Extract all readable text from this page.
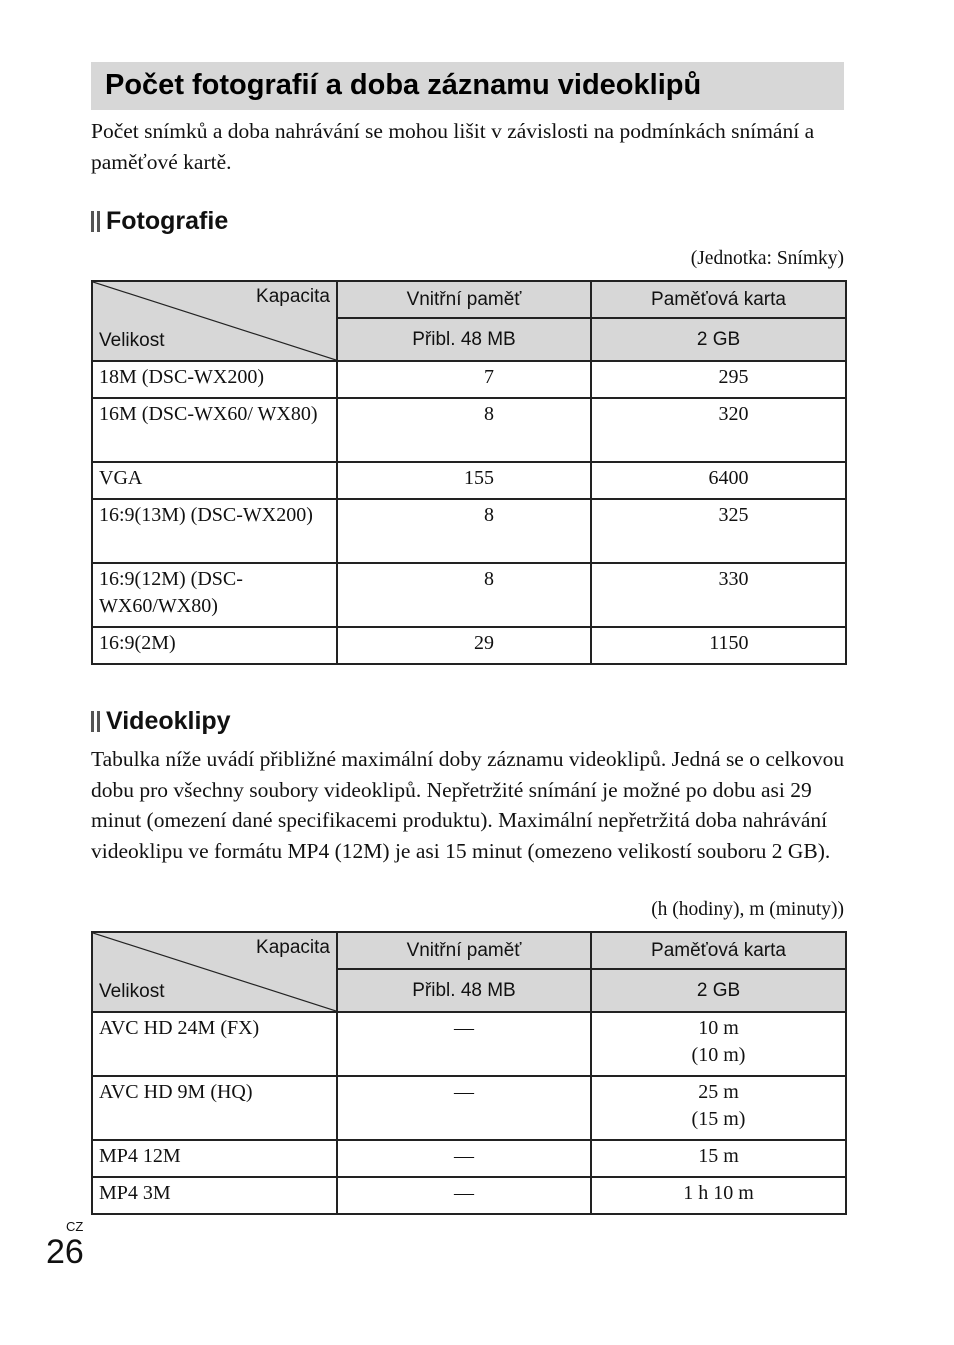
Počet fotografií a doba záznamu videoklipů

Počet snímků a doba nahrávání se mohou lišit v závislosti na podmínkách snímání a paměťové kartě.

Fotografie

(Jednotka: Snímky)

Kapacita
Velikost	Vnitřní paměť	Paměťová karta
	Přibl. 48 MB	2 GB
18M (DSC-WX200)	7	295
16M (DSC-WX60/ WX80)	8	320
VGA	155	6400
16:9(13M) (DSC-WX200)	8	325
16:9(12M) (DSC-WX60/WX80)	8	330
16:9(2M)	29	1150
Videoklipy

Tabulka níže uvádí přibližné maximální doby záznamu videoklipů. Jedná se o celkovou dobu pro všechny soubory videoklipů. Nepřetržité snímání je možné po dobu asi 29 minut (omezení dané specifikacemi produktu). Maximální nepřetržitá doba nahrávání videoklipu ve formátu MP4 (12M) je asi 15 minut (omezeno velikostí souboru 2 GB).

(h (hodiny), m (minuty))

Kapacita
Velikost	Vnitřní paměť	Paměťová karta
	Přibl. 48 MB	2 GB
AVC HD 24M (FX)	—	10 m
(10 m)

AVC HD 9M (HQ)	—	25 m
(15 m)

MP4 12M	—	15 m
MP4 3M	—	1 h 10 m
CZ
26
